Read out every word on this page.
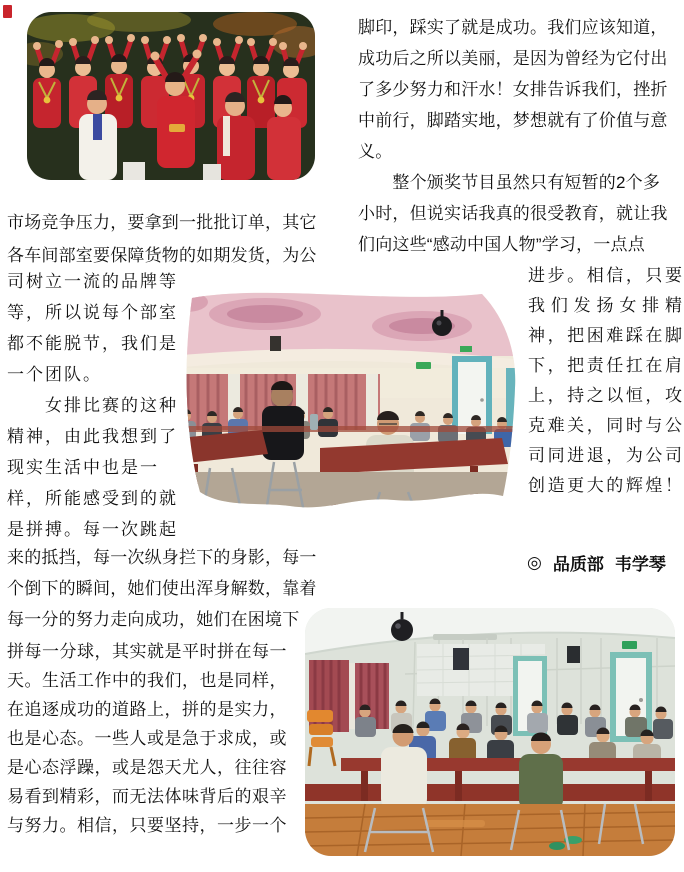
市场竞争压力，要拿到一批批订单，其它
各车间部室要保障货物的如期发货，为公
司树立一流的品牌等
等，所以说每个部室
都不能脱节，我们是
一个团队。
　　女排比赛的这种
精神，由此我想到了
现实生活中也是一
样，所能感受到的就
是拼搏。每一次跳起
来的抵挡，每一次纵身拦下的身影，每一
个倒下的瞬间，她们使出浑身解数，靠着
每一分的努力走向成功，她们在困境下
拼每一分球，其实就是平时拼在每一
天。生活工作中的我们，也是同样，
在追逐成功的道路上，拼的是实力，
也是心态。一些人或是急于求成，或
是心态浮躁，或是怨天尤人，往往容
易看到精彩，而无法体味背后的艰辛
与努力。相信，只要坚持，一步一个
脚印，踩实了就是成功。我们应该知道，
成功后之所以美丽，是因为曾经为它付出
了多少努力和汗水！女排告诉我们，挫折
中前行，脚踏实地，梦想就有了价值与意
义。
　　整个颁奖节目虽然只有短暂的2个多
小时，但说实话我真的很受教育，就让我
们向这些“感动中国人物”学习，一点点
进步。相信，只要
我们发扬女排精
神，把困难踩在脚
下，把责任扛在肩
上，持之以恒，攻
克难关，同时与公
司同进退，为公司
创造更大的辉煌！
◎ 品质部 韦学琴
